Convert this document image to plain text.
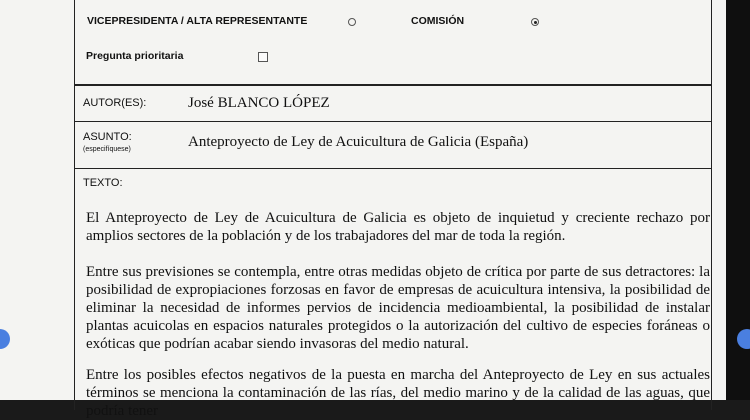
VICEPRESIDENTA / ALTA REPRESENTANTE	COMISIÓN
Pregunta prioritaria
AUTOR(ES):	José BLANCO LÓPEZ
ASUNTO:
(especifíquese)	Anteproyecto de Ley de Acuicultura de Galicia (España)
TEXTO:
El Anteproyecto de Ley de Acuicultura de Galicia es objeto de inquietud y creciente rechazo por amplios sectores de la población y de los trabajadores del mar de toda la región.
Entre sus previsiones se contempla, entre otras medidas objeto de crítica por parte de sus detractores: la posibilidad de expropiaciones forzosas en favor de empresas de acuicultura intensiva, la posibilidad de eliminar la necesidad de informes pervios de incidencia medioambiental, la posibilidad de instalar plantas acuicolas en espacios naturales protegidos o la autorización del cultivo de especies foráneas o exóticas que podrían acabar siendo invasoras del medio natural.
Entre los posibles efectos negativos de la puesta en marcha del Anteproyecto de Ley en sus actuales términos se menciona la contaminación de las rías, del medio marino y de la calidad de las aguas, que podría tener
